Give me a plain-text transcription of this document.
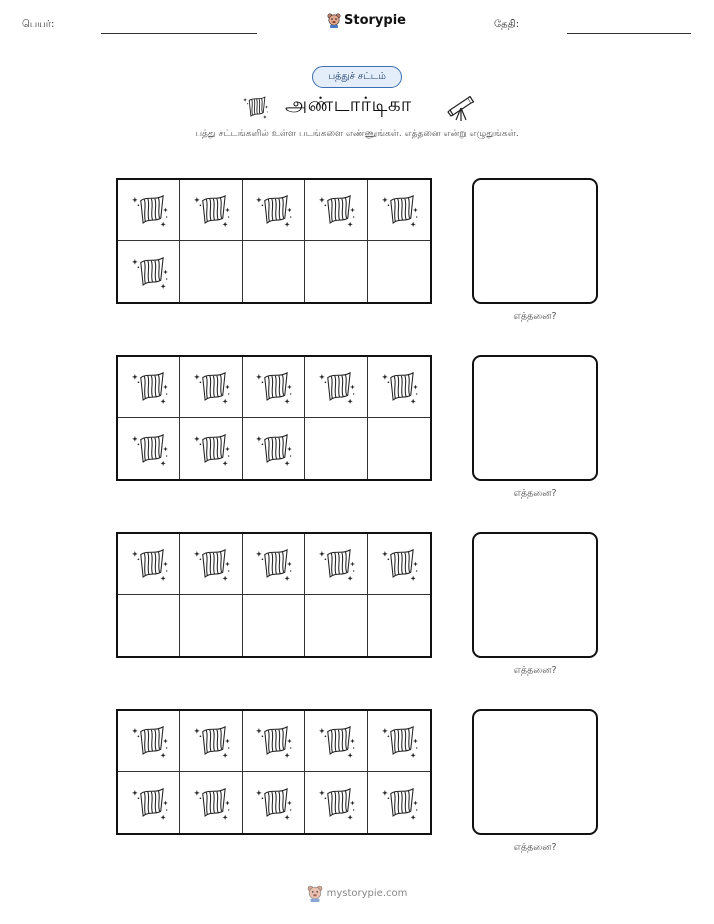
பெயர்:	Storypie	தேதி:
பத்துச் சட்டம்
அண்டார்டிகா
பத்து சட்டங்களில் உள்ள படங்களை எண்ணுங்கள். எத்தனை என்று எழுதுங்கள்.
எத்தனை?
எத்தனை?
எத்தனை?
எத்தனை?
mystorypie.com
